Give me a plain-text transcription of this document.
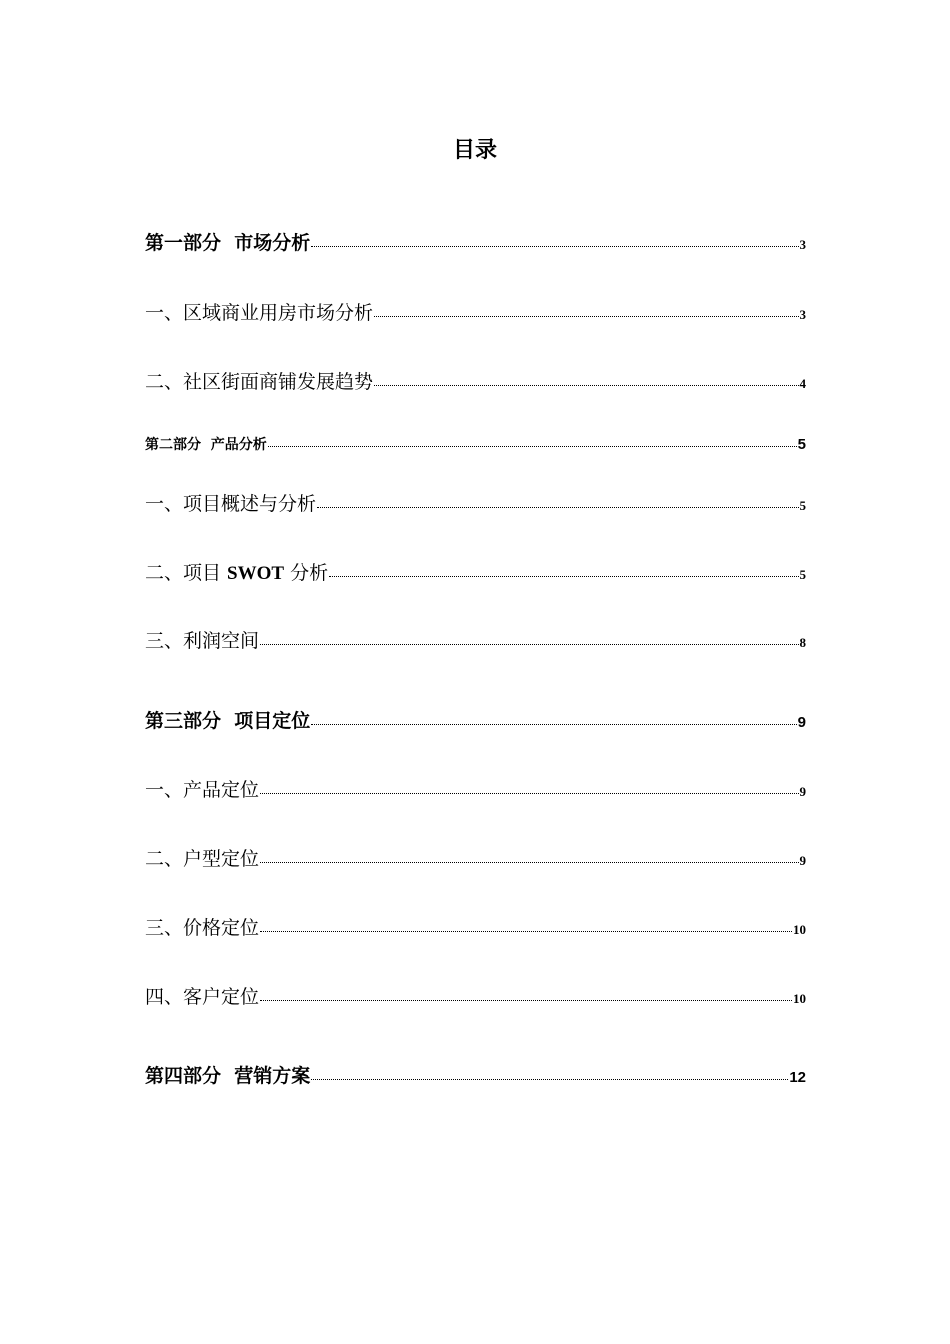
目录
第一部分  市场分析	3
一、区域商业用房市场分析	3
二、社区街面商铺发展趋势	4
第二部分  产品分析	5
一、项目概述与分析	5
二、项目 SWOT 分析	5
三、利润空间	8
第三部分  项目定位	9
一、产品定位	9
二、户型定位	9
三、价格定位	10
四、客户定位	10
第四部分  营销方案	12
